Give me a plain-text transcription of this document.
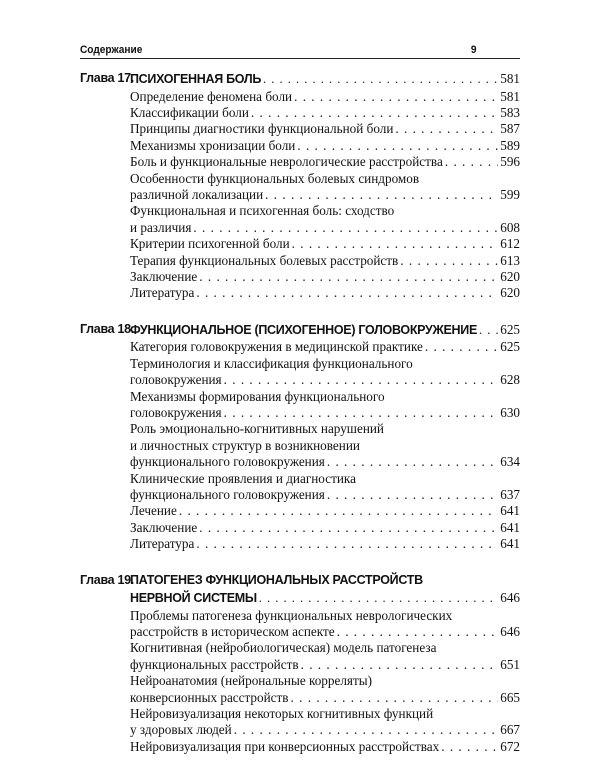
Содержание	9
Глава 17.
ПСИХОГЕННАЯ БОЛЬ . . .	581
Определение феномена боли . . .	581
Классификации боли . . .	583
Принципы диагностики функциональной боли . . .	587
Механизмы хронизации боли . . .	589
Боль и функциональные неврологические расстройства . . .	596
Особенности функциональных болевых синдромов
различной локализации . . .	599
Функциональная и психогенная боль: сходство
и различия . . .	608
Критерии психогенной боли . . .	612
Терапия функциональных болевых расстройств . . .	613
Заключение . . .	620
Литература . . .	620
Глава 18.
ФУНКЦИОНАЛЬНОЕ (ПСИХОГЕННОЕ) ГОЛОВОКРУЖЕНИЕ . . . 625
Категория головокружения в медицинской практике . . .	625
Терминология и классификация функционального
головокружения . . .	628
Механизмы формирования функционального
головокружения . . .	630
Роль эмоционально-когнитивных нарушений
и личностных структур в возникновении
функционального головокружения . . .	634
Клинические проявления и диагностика
функционального головокружения . . .	637
Лечение . . .	641
Заключение . . .	641
Литература . . .	641
Глава 19.
ПАТОГЕНЕЗ ФУНКЦИОНАЛЬНЫХ РАССТРОЙСТВ
НЕРВНОЙ СИСТЕМЫ . . .	646
Проблемы патогенеза функциональных неврологических
расстройств в историческом аспекте . . .	646
Когнитивная (нейробиологическая) модель патогенеза
функциональных расстройств . . .	651
Нейроанатомия (нейрональные корреляты)
конверсионных расстройств . . .	665
Нейровизуализация некоторых когнитивных функций
у здоровых людей . . .	667
Нейровизуализация при конверсионных расстройствах . . .	672
